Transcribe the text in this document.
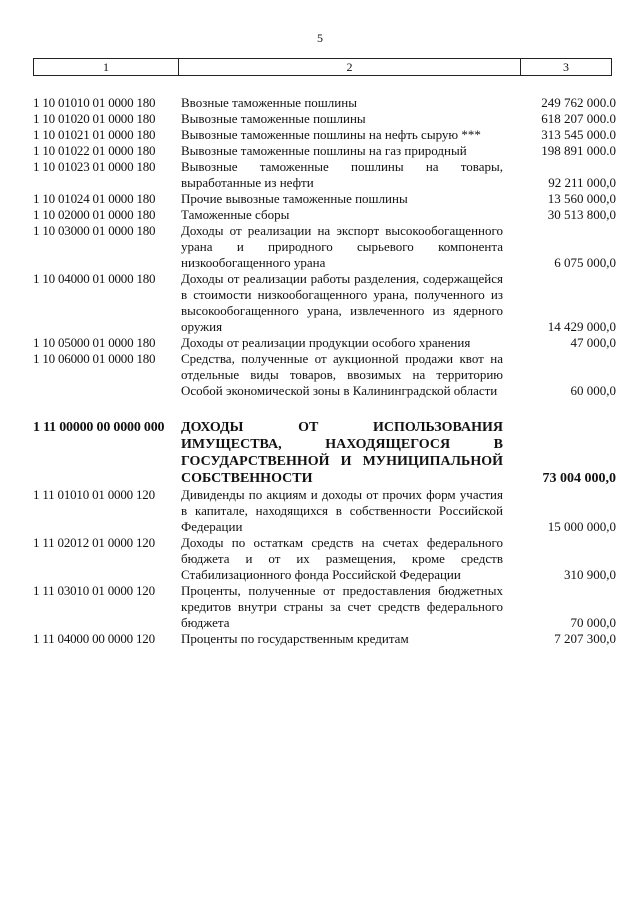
5
1	2	3
1 10 01010 01 0000 180	Ввозные таможенные пошлины	249 762 000.0
1 10 01020 01 0000 180	Вывозные таможенные пошлины	618 207 000.0
1 10 01021 01 0000 180	Вывозные таможенные пошлины на нефть сырую ***	313 545 000.0
1 10 01022 01 0000 180	Вывозные таможенные пошлины на газ природный	198 891 000.0
1 10 01023 01 0000 180	Вывозные таможенные пошлины на товары, выработанные из нефти	92 211 000,0
1 10 01024 01 0000 180	Прочие вывозные таможенные пошлины	13 560 000,0
1 10 02000 01 0000 180	Таможенные сборы	30 513 800,0
1 10 03000 01 0000 180	Доходы от реализации на экспорт высокообогащенного урана и природного сырьевого компонента низкообогащенного урана	6 075 000,0
1 10 04000 01 0000 180	Доходы от реализации работы разделения, содержащейся в стоимости низкообогащенного урана, полученного из высокообогащенного урана, извлеченного из ядерного оружия	14 429 000,0
1 10 05000 01 0000 180	Доходы от реализации продукции особого хранения	47 000,0
1 10 06000 01 0000 180	Средства, полученные от аукционной продажи квот на отдельные виды товаров, ввозимых на территорию Особой экономической зоны в Калининградской области	60 000,0
1 11 00000 00 0000 000	ДОХОДЫ ОТ ИСПОЛЬЗОВАНИЯ ИМУЩЕСТВА, НАХОДЯЩЕГОСЯ В ГОСУДАРСТВЕННОЙ И МУНИЦИПАЛЬНОЙ СОБСТВЕННОСТИ	73 004 000,0
1 11 01010 01 0000 120	Дивиденды по акциям и доходы от прочих форм участия в капитале, находящихся в собственности Российской Федерации	15 000 000,0
1 11 02012 01 0000 120	Доходы по остаткам средств на счетах федерального бюджета и от их размещения, кроме средств Стабилизационного фонда Российской Федерации	310 900,0
1 11 03010 01 0000 120	Проценты, полученные от предоставления бюджетных кредитов внутри страны за счет средств федерального бюджета	70 000,0
1 11 04000 00 0000 120	Проценты по государственным кредитам	7 207 300,0
